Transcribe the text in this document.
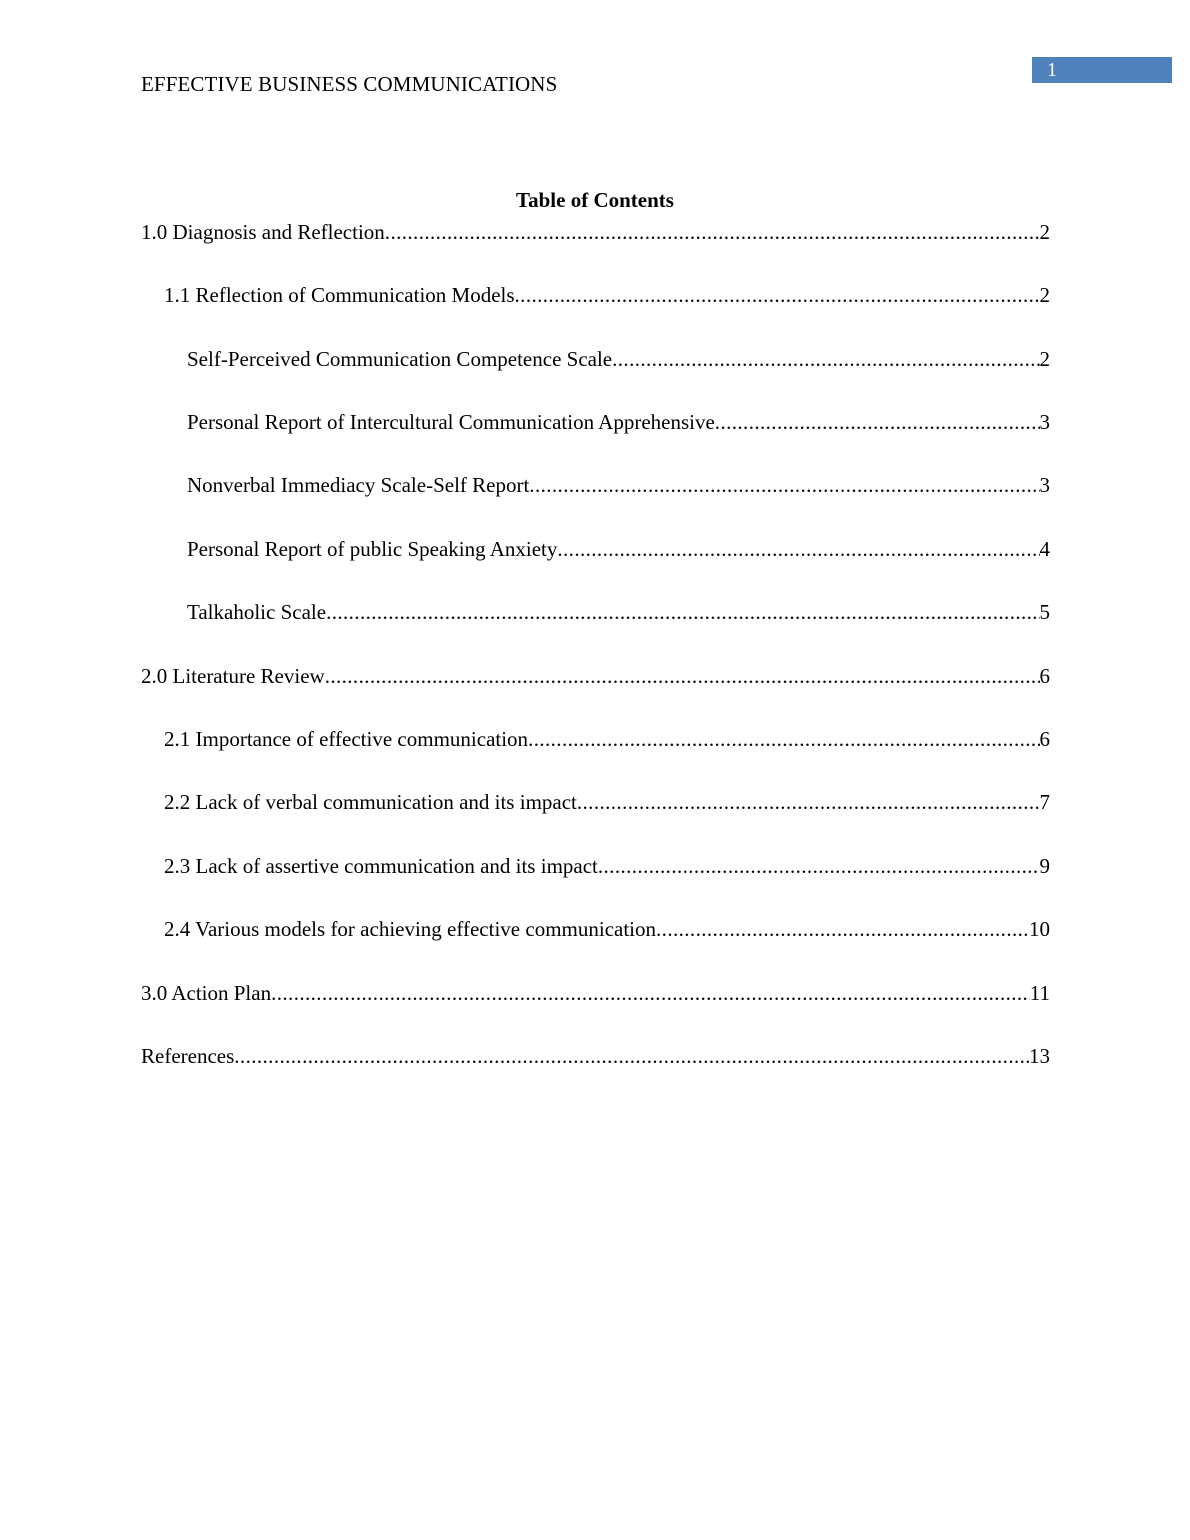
EFFECTIVE BUSINESS COMMUNICATIONS
1
Table of Contents
1.0 Diagnosis and Reflection .....	2
1.1 Reflection of Communication Models .....	2
Self-Perceived Communication Competence Scale .....	2
Personal Report of Intercultural Communication Apprehensive .....	3
Nonverbal Immediacy Scale-Self Report .....	3
Personal Report of public Speaking Anxiety .....	4
Talkaholic Scale .....	5
2.0 Literature Review .....	6
2.1 Importance of effective communication .....	6
2.2 Lack of verbal communication and its impact .....	7
2.3 Lack of assertive communication and its impact .....	9
2.4 Various models for achieving effective communication .....	10
3.0 Action Plan .....	11
References .....	13
